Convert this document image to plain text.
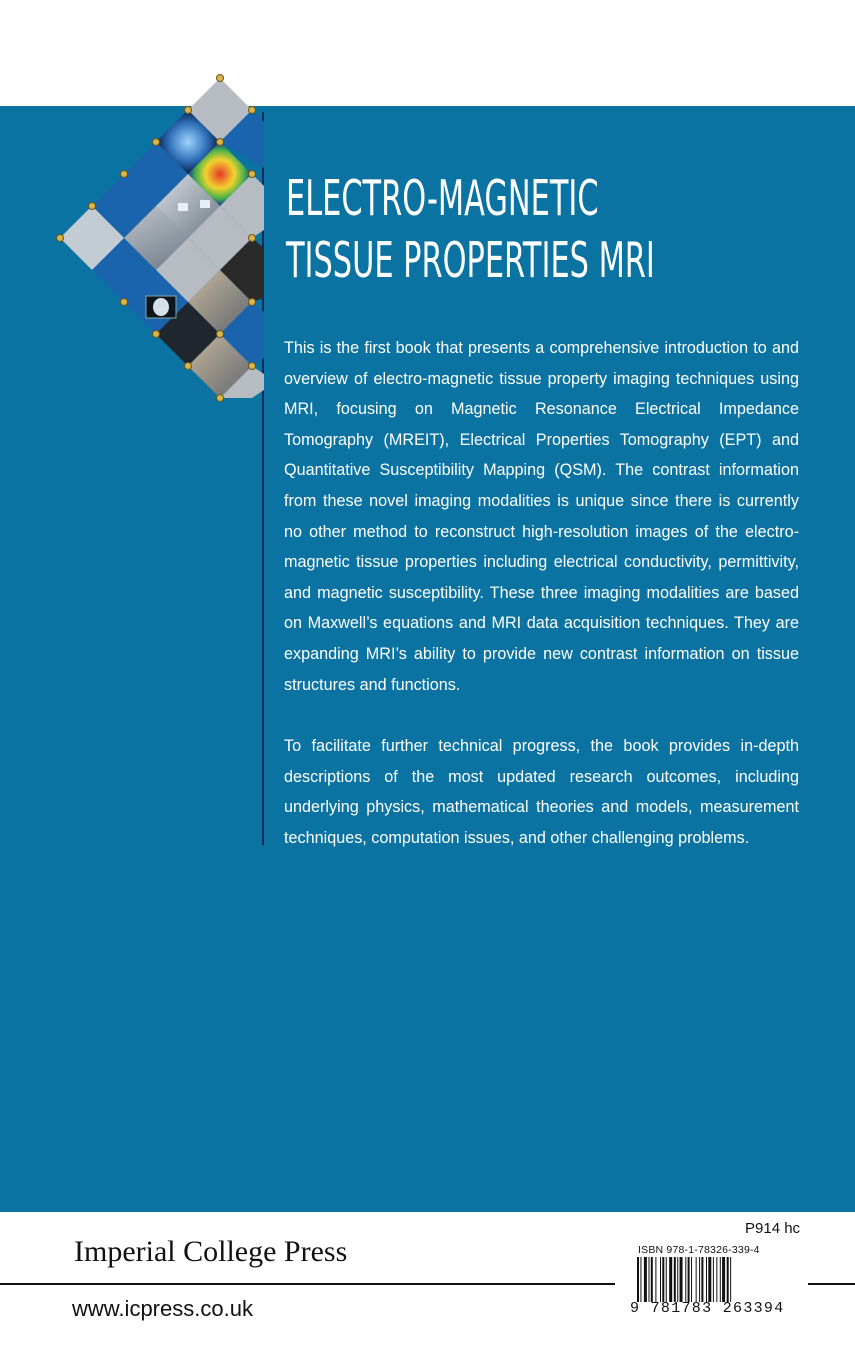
ELECTRO-MAGNETIC
TISSUE PROPERTIES MRI

This is the first book that presents a comprehensive introduction to and overview of electro-magnetic tissue property imaging techniques using MRI, focusing on Magnetic Resonance Electrical Impedance Tomography (MREIT), Electrical Properties Tomography (EPT) and Quantitative Susceptibility Mapping (QSM). The contrast information from these novel imaging modalities is unique since there is currently no other method to reconstruct high-resolution images of the electro-magnetic tissue properties including electrical conductivity, permittivity, and magnetic susceptibility. These three imaging modalities are based on Maxwell’s equations and MRI data acquisition techniques. They are expanding MRI’s ability to provide new contrast information on tissue structures and functions.

To facilitate further technical progress, the book provides in-depth descriptions of the most updated research outcomes, including underlying physics, mathematical theories and models, measurement techniques, computation issues, and other challenging problems.

P914 hc
Imperial College Press
www.icpress.co.uk
ISBN 978-1-78326-339-4
9 781783 263394
